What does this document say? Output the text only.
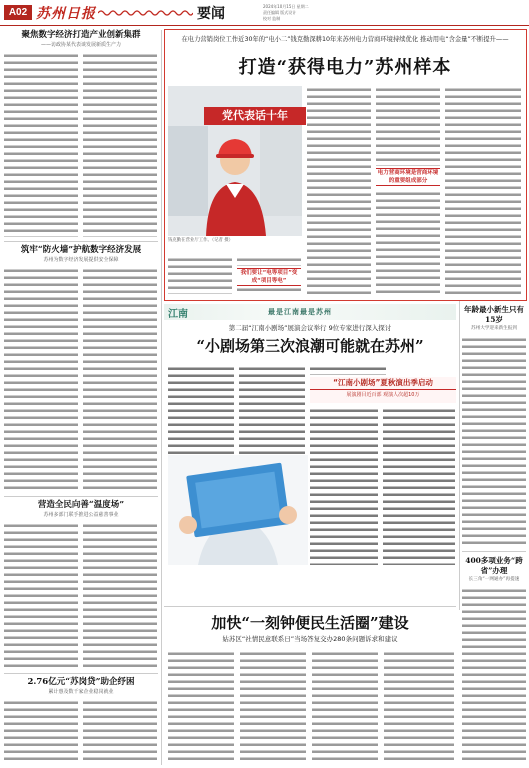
A02 苏州日报	要闻	2024年10月15日 星期二
责任编辑 版式设计
校对 监制
聚焦数字经济打造产业创新集群
——访政协某代表谈发展新质生产力
筑牢“防火墙”护航数字经济发展
苏州为数字经济发展提供安全保障
营造全民向善“温度场”
苏州多部门联手推进公益慈善事业
2.76亿元“苏岗贷”助企纾困
累计惠及数千家企业稳岗就业
在电力营销岗位工作近30年的“电小二”钱克勤深耕10年来苏州电力营商环境持续优化 推动用电“含金量”不断提升——
打造“获得电力”苏州样本
党代表话十年
钱克勤在营业厅工作。（记者 摄）
电力营商环境是营商环境的重要组成部分
我们要让“电等项目”变成“项目等电”
江南	最是江南最是苏州
第二届“江南小剧场”展演会议举行 9位专家进行深入探讨
“小剧场第三次浪潮可能就在苏州”
“江南小剧场”夏秋演出季启动
展演剧目近百部 观演人次超10万
年龄最小新生只有15岁
苏州大学迎来新生报到
400多项业务“跨省”办理
长三角“一网通办”再提速
加快“一刻钟便民生活圈”建设
姑苏区“社情民意联系日”当场答复交办280条问题诉求和建议
